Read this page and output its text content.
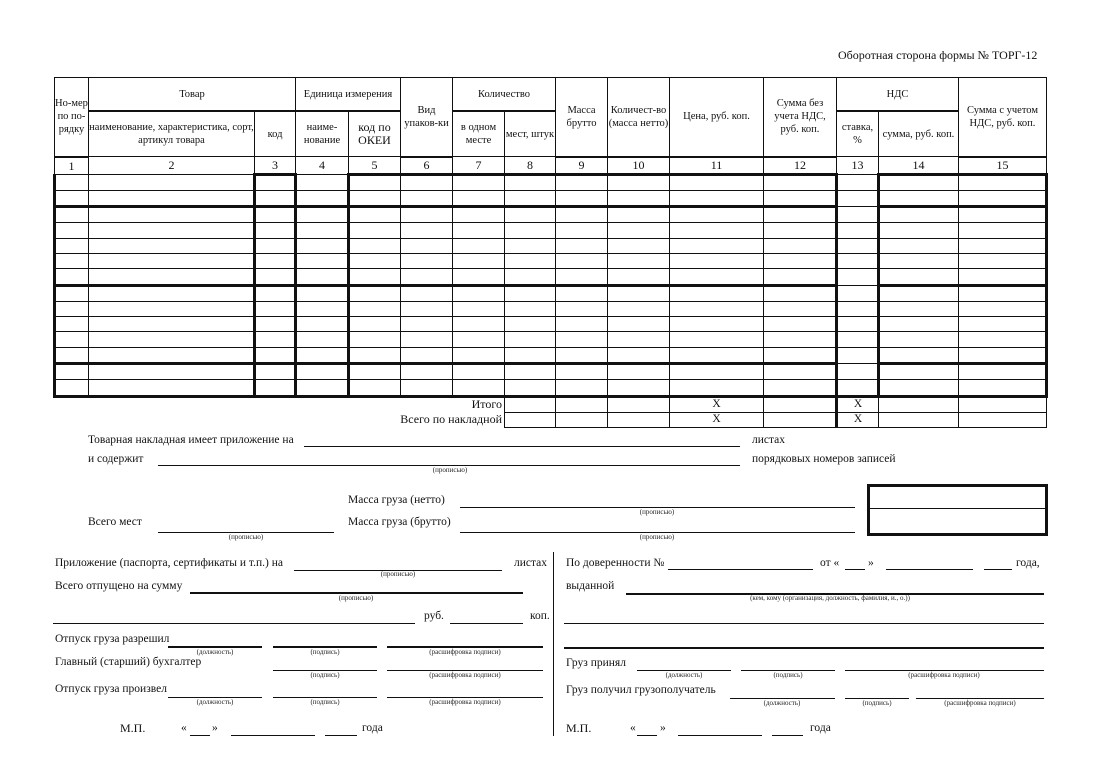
Оборотная сторона формы № ТОРГ-12
Но-мер по по-рядку	Товар		Единица измерения		Вид упаков-ки	Количество		Масса брутто	Количест-во (масса нетто)	Цена, руб. коп.	Сумма без учета НДС, руб. коп.	НДС		Сумма с учетом НДС, руб. коп.
	наименование, характеристика, сорт, артикул товара	код	наиме-нование	код по ОКЕИ		в одном месте	мест, штук					ставка, %	сумма, руб. коп.	
1	2	3	4	5	6	7	8	9	10	11	12	13	14	15

	Итого									X		X		
	Всего по накладной									X		X		
Товарная накладная имеет приложение на	листах
и содержит
(прописью)
порядковых номеров записей
Масса груза (нетто)
(прописью)
Всего мест
(прописью)
Масса груза (брутто)
(прописью)
Приложение (паспорта, сертификаты и т.п.) на
(прописью)
листах
Всего отпущено на сумму
(прописью)
руб.	коп.
Отпуск груза разрешил
(должность)	(подпись)	(расшифровка подписи)
Главный (старший) бухгалтер
(подпись)	(расшифровка подписи)
Отпуск груза произвел
(должность)	(подпись)	(расшифровка подписи)
М.П.	« »	года
По доверенности №	от «	»	года,
выданной
(кем, кому (организация, должность, фамилия, и., о.))
Груз принял
(должность)	(подпись)	(расшифровка подписи)
Груз получил грузополучатель
(должность)	(подпись)	(расшифровка подписи)
М.П.	« »	года
